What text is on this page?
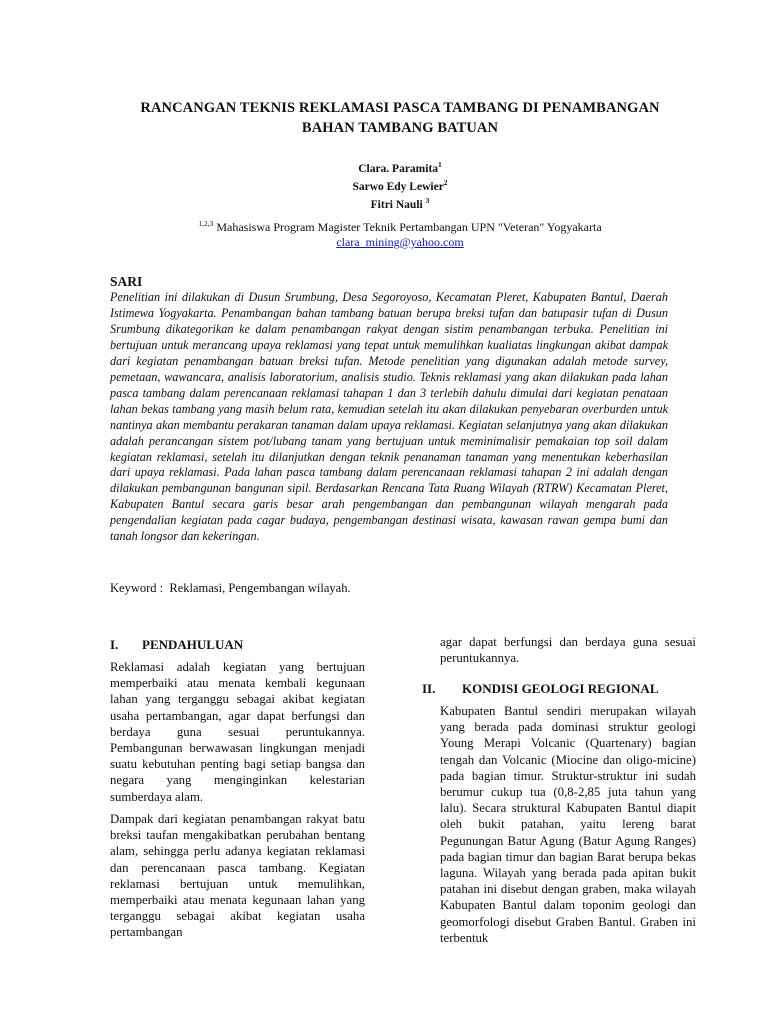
RANCANGAN TEKNIS REKLAMASI PASCA TAMBANG DI PENAMBANGAN
BAHAN TAMBANG BATUAN
Clara. Paramita$^1$
Sarwo Edy Lewier$^2$
Fitri Nauli $^3$
$^{1,2,3}$ Mahasiswa Program Magister Teknik Pertambangan UPN "Veteran" Yogyakarta
clara_mining@yahoo.com
SARI
Penelitian ini dilakukan di Dusun Srumbung, Desa Segoroyoso, Kecamatan Pleret, Kabupaten Bantul, Daerah Istimewa Yogyakarta. Penambangan bahan tambang batuan berupa breksi tufan dan batupasir tufan di Dusun Srumbung dikategorikan ke dalam penambangan rakyat dengan sistim penambangan terbuka. Penelitian ini bertujuan untuk merancang upaya reklamasi yang tepat untuk memulihkan kualiatas lingkungan akibat dampak dari kegiatan penambangan batuan breksi tufan. Metode penelitian yang digunakan adalah metode survey, pemetaan, wawancara, analisis laboratorium, analisis studio. Teknis reklamasi yang akan dilakukan pada lahan pasca tambang dalam perencanaan reklamasi tahapan 1 dan 3 terlebih dahulu dimulai dari kegiatan penataan lahan bekas tambang yang masih belum rata, kemudian setelah itu akan dilakukan penyebaran overburden untuk nantinya akan membantu perakaran tanaman dalam upaya reklamasi. Kegiatan selanjutnya yang akan dilakukan adalah perancangan sistem pot/lubang tanam yang bertujuan untuk meminimalisir pemakaian top soil dalam kegiatan reklamasi, setelah itu dilanjutkan dengan teknik penanaman tanaman yang menentukan keberhasilan dari upaya reklamasi. Pada lahan pasca tambang dalam perencanaan reklamasi tahapan 2 ini adalah dengan dilakukan pembangunan bangunan sipil. Berdasarkan Rencana Tata Ruang Wilayah (RTRW) Kecamatan Pleret, Kabupaten Bantul secara garis besar arah pengembangan dan pembangunan wilayah mengarah pada pengendalian kegiatan pada cagar budaya, pengembangan destinasi wisata, kawasan rawan gempa bumi dan tanah longsor dan kekeringan.
Keyword :  Reklamasi, Pengembangan wilayah.
I. PENDAHULUAN

Reklamasi adalah kegiatan yang bertujuan memperbaiki atau menata kembali kegunaan lahan yang terganggu sebagai akibat kegiatan usaha pertambangan, agar dapat berfungsi dan berdaya guna sesuai peruntukannya. Pembangunan berwawasan lingkungan menjadi suatu kebutuhan penting bagi setiap bangsa dan negara yang menginginkan kelestarian sumberdaya alam.

Dampak dari kegiatan penambangan rakyat batu breksi taufan mengakibatkan perubahan bentang alam, sehingga perlu adanya kegiatan reklamasi dan perencanaan pasca tambang. Kegiatan reklamasi bertujuan untuk memulihkan, memperbaiki atau menata kegunaan lahan yang terganggu sebagai akibat kegiatan usaha pertambangan

agar dapat berfungsi dan berdaya guna sesuai peruntukannya.

II. KONDISI GEOLOGI REGIONAL

Kabupaten Bantul sendiri merupakan wilayah yang berada pada dominasi struktur geologi Young Merapi Volcanic (Quartenary) bagian tengah dan Volcanic (Miocine dan oligo-micine) pada bagian timur. Struktur-struktur ini sudah berumur cukup tua (0,8-2,85 juta tahun yang lalu). Secara struktural Kabupaten Bantul diapit oleh bukit patahan, yaitu lereng barat Pegunungan Batur Agung (Batur Agung Ranges) pada bagian timur dan bagian Barat berupa bekas laguna. Wilayah yang berada pada apitan bukit patahan ini disebut dengan graben, maka wilayah Kabupaten Bantul dalam toponim geologi dan geomorfologi disebut Graben Bantul. Graben ini terbentuk
